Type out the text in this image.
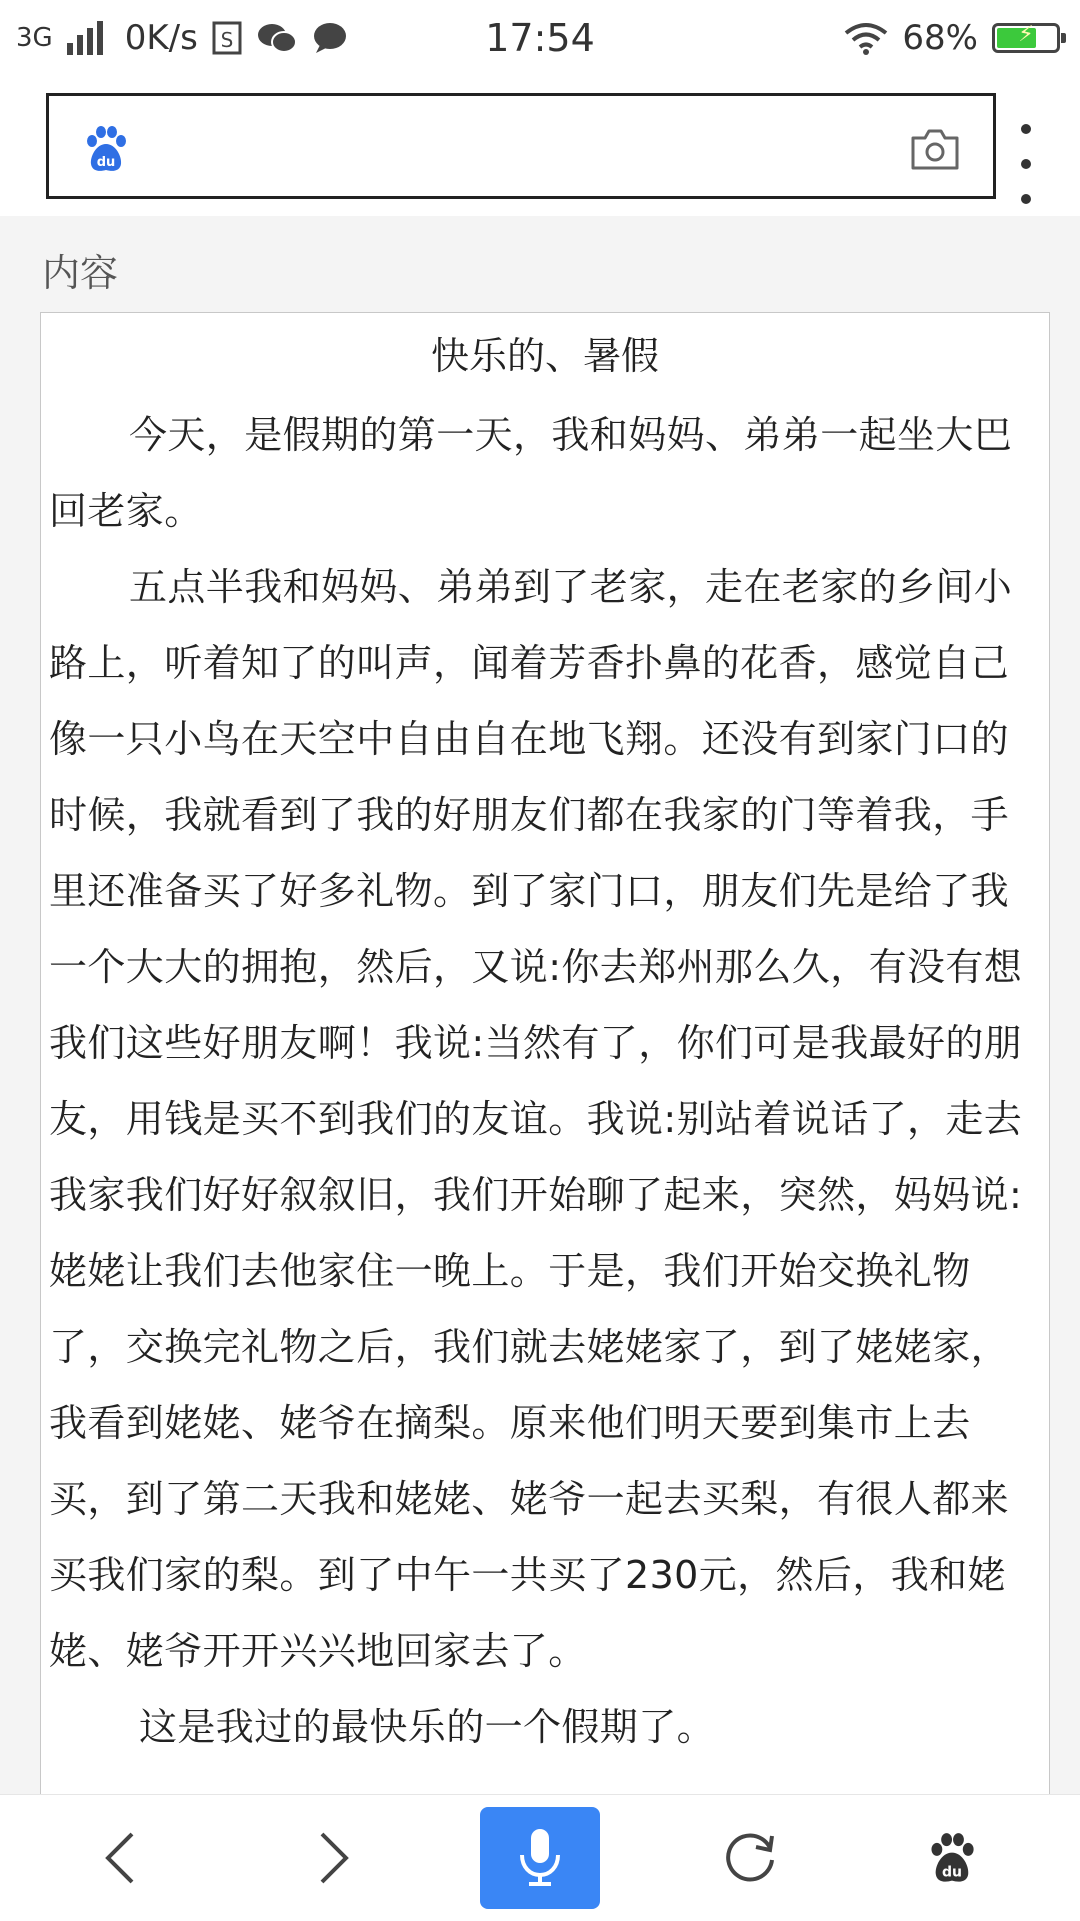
3G 0K/s S	17:54	68%	⚡
du
内容
快乐的、暑假

今天，是假期的第一天，我和妈妈、弟弟一起坐大巴回老家。

五点半我和妈妈、弟弟到了老家，走在老家的乡间小路上，听着知了的叫声，闻着芳香扑鼻的花香，感觉自己像一只小鸟在天空中自由自在地飞翔。还没有到家门口的时候，我就看到了我的好朋友们都在我家的门等着我，手里还准备买了好多礼物。到了家门口，朋友们先是给了我一个大大的拥抱，然后，又说:你去郑州那么久，有没有想我们这些好朋友啊！我说:当然有了，你们可是我最好的朋友，用钱是买不到我们的友谊。我说:别站着说话了，走去我家我们好好叙叙旧，我们开始聊了起来，突然，妈妈说:姥姥让我们去他家住一晚上。于是，我们开始交换礼物了，交换完礼物之后，我们就去姥姥家了，到了姥姥家，我看到姥姥、姥爷在摘梨。原来他们明天要到集市上去买，到了第二天我和姥姥、姥爷一起去买梨，有很人都来买我们家的梨。到了中午一共买了230元，然后，我和姥姥、姥爷开开兴兴地回家去了。

这是我过的最快乐的一个假期了。

du
